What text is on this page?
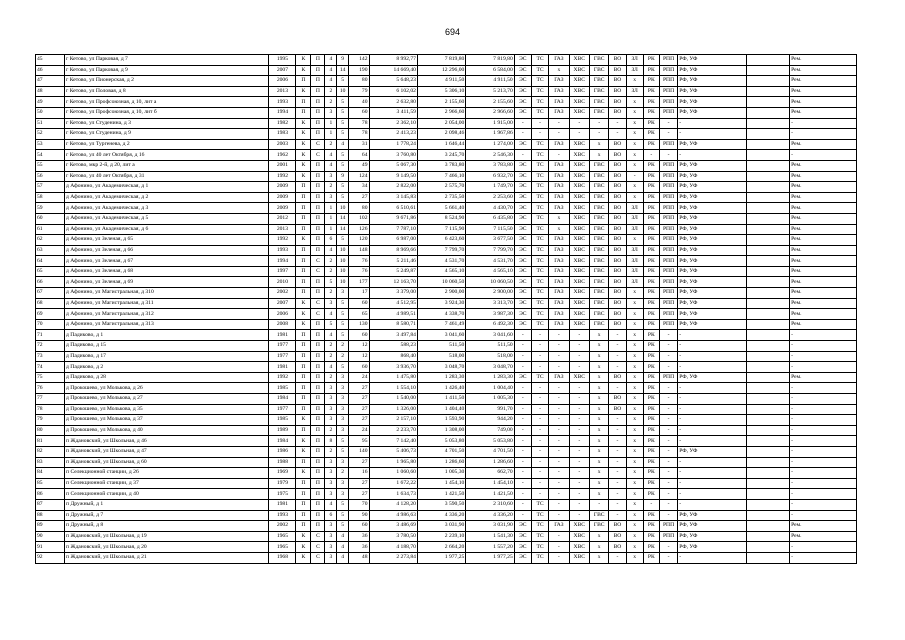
694
45	г Кетово, ул Парковая, д 7	1995	К	П	4	9	142	8 992,77	7 819,80	7 819,80	ЭС	ТС	ГАЗ	ХВС	ГВС	ВО	ЗЛ	РК	РПП	РФ, УФ		Рем.
46	г Кетово, ул Парковая, д 9	2007	К	П	4	14	190	14 669,40	12 296,00	6 584,00	ЭС	ТС	х	ХВС	ГВС	ВО	ЗЛ	РК	РПП	РФ, УФ		Рем.
47	г Кетово, ул Пионерская, д 2	2006	П	П	4	5	80	5 648,23	4 911,50	4 911,50	ЭС	ТС	ГАЗ	ХВС	ГВС	ВО	х	РК	РПП	РФ, УФ		Рем.
48	г Кетово, ул Половая, д 8	2013	К	П	2	10	79	6 102,02	5 306,10	5 213,70	ЭС	ТС	ГАЗ	ХВС	ГВС	ВО	ЗЛ	РК	РПП	РФ, УФ		Рем.
49	г Кетово, ул Профсоюзная, д 10, лит а	1993	П	П	2	5	40	2 632,80	2 155,60	2 155,60	ЭС	ТС	ГАЗ	ХВС	ГВС	ВО	х	РК	РПП	РФ, УФ		Рем.
50	г Кетово, ул Профсоюзная, д 10, лит б	1994	П	П	3	5	60	3 411,59	2 966,60	2 966,60	ЭС	ТС	ГАЗ	ХВС	ГВС	ВО	х	РК	РПП	РФ, УФ		Рем.
51	г Кетово, ул Студенина, д 3	1982	К	П	1	5	78	2 362,10	2 054,00	1 915,00	-	-	-	-	-	-	х	РК	-	-		-
52	г Кетово, ул Студенина, д 9	1983	К	П	1	5	78	2 413,23	2 098,46	1 967,86	-	-	-	-	-	-	х	РК	-	-		-
53	г Кетово, ул Тургенева, д 2	2003	К	С	2	4	31	1 778,24	1 646,44	1 274,00	ЭС	ТС	ГАЗ	ХВС	х	ВО	х	РК	РПП	РФ, УФ		Рем.
54	г Кетово, ул 40 лет Октября, д 16	1962	К	С	4	5	64	3 760,80	3 245,70	2 546,30	-	ТС	-	ХВС	х	ВО	х	-	-	-		-
55	г Кетово, мкр 2-й, д 20, лит а	2001	К	П	4	5	49	5 067,30	3 783,80	3 783,80	ЭС	ТС	ГАЗ	ХВС	ГВС	ВО	х	РК	РПП	РФ, УФ		Рем.
56	г Кетово, ул 40 лет Октября, д 31	1992	К	П	3	9	124	9 149,50	7 466,10	6 932,70	ЭС	ТС	ГАЗ	ХВС	ГВС	ВО	-	РК	РПП	РФ, УФ		Рем.
57	д Афонино, ул Академическая, д 1	2009	П	П	2	5	34	2 822,00	2 575,70	1 749,70	ЭС	ТС	ГАЗ	ХВС	ГВС	ВО	х	РК	РПП	РФ, УФ		Рем.
58	д Афонино, ул Академическая, д 2	2009	П	П	3	5	27	3 145,83	2 735,50	2 253,60	ЭС	ТС	ГАЗ	ХВС	ГВС	ВО	х	РК	РПП	РФ, УФ		Рем.
59	д Афонино, ул Академическая, д 3	2009	П	П	1	10	80	6 510,61	5 661,40	4 430,70	ЭС	ТС	ГАЗ	ХВС	ГВС	ВО	ЗЛ	РК	РПП	РФ, УФ		Рем.
60	д Афонино, ул Академическая, д 5	2012	П	П	1	14	102	9 671,86	8 524,90	6 435,80	ЭС	ТС	х	ХВС	ГВС	ВО	ЗЛ	РК	РПП	РФ, УФ		Рем.
61	д Афонино, ул Академическая, д 6	2013	П	П	1	14	126	7 787,10	7 115,90	7 115,50	ЭС	ТС	х	ХВС	ГВС	ВО	ЗЛ	РК	РПП	РФ, УФ		Рем.
62	д Афонино, ул Зеленая, д 65	1992	К	П	6	5	120	6 987,00	6 423,60	3 677,50	ЭС	ТС	ГАЗ	ХВС	ГВС	ВО	х	РК	РПП	РФ, УФ		Рем.
63	д Афонино, ул Зеленая, д 66	1993	П	П	4	10	148	8 969,66	7 799,70	7 799,70	ЭС	ТС	ГАЗ	ХВС	ГВС	ВО	ЗЛ	РК	РПП	РФ, УФ		Рем.
64	д Афонино, ул Зеленая, д 67	1994	П	С	2	10	76	5 211,46	4 531,70	4 531,70	ЭС	ТС	ГАЗ	ХВС	ГВС	ВО	ЗЛ	РК	РПП	РФ, УФ		Рем.
65	д Афонино, ул Зеленая, д 68	1997	П	С	2	10	76	5 249,87	4 565,10	4 565,10	ЭС	ТС	ГАЗ	ХВС	ГВС	ВО	ЗЛ	РК	РПП	РФ, УФ		Рем.
66	д Афонино, ул Зеленая, д 69	2010	П	П	5	10	177	12 163,70	10 060,50	10 060,50	ЭС	ТС	ГАЗ	ХВС	ГВС	ВО	ЗЛ	РК	РПП	РФ, УФ		Рем.
67	д Афонино, ул Магистральная, д 310	2002	П	П	2	3	17	3 379,00	2 900,00	2 900,00	ЭС	ТС	ГАЗ	ХВС	ГВС	ВО	х	РК	РПП	РФ, УФ		Рем.
68	д Афонино, ул Магистральная, д 311	2007	К	С	3	5	60	4 512,95	3 924,30	3 313,70	ЭС	ТС	ГАЗ	ХВС	ГВС	ВО	х	РК	РПП	РФ, УФ		Рем.
69	д Афонино, ул Магистральная, д 312	2006	К	С	4	5	65	4 989,51	4 338,70	3 987,30	ЭС	ТС	ГАЗ	ХВС	ГВС	ВО	х	РК	РПП	РФ, УФ		Рем.
70	д Афонино, ул Магистральная, д 313	2008	К	П	5	5	130	8 580,71	7 461,49	6 492,30	ЭС	ТС	ГАЗ	ХВС	ГВС	ВО	х	РК	РПП	РФ, УФ		Рем.
71	д Падиково, д 1	1981	П	П	4	5	60	3 497,84	3 041,60	3 041,60	-	-	-	-	х	-	х	РК	-	-		-
72	д Падиково, д 15	1977	П	П	2	2	12	588,23	511,50	511,50	-	-	-	-	х	-	х	РК	-	-		-
73	д Падиково, д 17	1977	П	П	2	2	12	868,40	518,00	518,00	-	-	-	-	х	-	х	РК	-	-		-
74	д Падиково, д 2	1981	П	П	4	5	60	3 936,70	3 048,70	3 048,70	-	-	-	-	х	-	х	РК	-	-		-
75	д Падиково, д 28	1992	П	П	2	3	24	1 475,80	1 283,30	1 283,30	ЭС	ТС	ГАЗ	ХВС	х	ВО	х	РК	РПП	РФ, УФ		Рем.
76	д Прокошево, ул Молькова, д 26	1985	П	П	3	3	27	1 554,10	1 426,40	1 004,40	-	-	-	-	х	-	х	РК	-	-		-
77	д Прокошево, ул Молькова, д 27	1984	П	П	3	3	27	1 540,00	1 411,50	1 005,30	-	-	-	-	х	ВО	х	РК	-	-		-
78	д Прокошево, ул Молькова, д 35	1977	П	П	3	3	27	1 326,00	1 404,40	991,70	-	-	-	-	х	ВО	х	РК	-	-		-
79	д Прокошево, ул Молькова, д 37	1985	К	П	3	3	27	2 157,10	1 593,90	944,20	-	-	-	-	х	-	х	РК	-	-		-
80	д Прокошево, ул Молькова, д 40	1989	П	П	2	3	24	2 233,70	1 308,00	749,00	-	-	-	-	х	-	х	РК	-	-		-
81	п Ждановский, ул Школьная, д 46	1984	К	П	8	5	95	7 142,40	5 053,80	5 053,80	-	-	-	-	х	-	х	РК	-	-		-
82	п Ждановский, ул Школьная, д 47	1986	К	П	2	5	140	5 406,73	4 701,50	4 701,50	-	-	-	-	х	-	х	РК	-	РФ, УФ		-
83	п Ждановский, ул Школьная, д 60	1988	П	П	3	3	27	1 965,80	1 286,60	1 286,60	-	-	-	-	х	-	х	РК	-	-		-
84	п Селекционной станции, д 26	1969	К	П	3	2	16	1 060,60	1 005,30	662,70	-	-	-	-	х	-	х	РК	-	-		-
85	п Селекционной станции, д 37	1979	П	П	3	3	27	1 672,22	1 454,10	1 454,10	-	-	-	-	х	-	х	РК	-	-		-
86	п Селекционной станции, д 40	1975	П	П	3	3	27	1 634,73	1 421,50	1 421,50	-	-	-	-	х	-	х	РК	-	-		-
87	п Дружный, д 1	1981	П	П	4	5	70	4 128,20	3 590,50	2 310,60	-	ТС	-	-	-	-	х	-	-	-		-
88	п Дружный, д 7	1993	П	П	6	5	90	4 986,63	4 336,20	4 336,20	-	ТС	-	-	ГВС	-	х	РК	-	РФ, УФ		-
89	п Дружный, д 8	2002	П	П	3	5	60	3 486,69	3 031,90	3 031,90	ЭС	ТС	ГАЗ	ХВС	ГВС	ВО	х	РК	РПП	РФ, УФ		Рем.
90	п Ждановский, ул Школьная, д 19	1965	К	С	3	4	36	3 780,50	2 239,10	1 541,30	ЭС	ТС	-	ХВС	х	ВО	х	РК	РПП	РФ, УФ		Рем.
91	п Ждановский, ул Школьная, д 20	1965	К	С	3	4	36	4 188,70	2 664,20	1 557,20	ЭС	ТС	-	ХВС	х	ВО	х	РК	-	РФ, УФ		-
92	п Ждановский, ул Школьная, д 21	1968	К	С	3	4	48	2 273,84	1 977,25	1 977,25	ЭС	ТС	-	ХВС	х	-	х	РК	-	-		-
